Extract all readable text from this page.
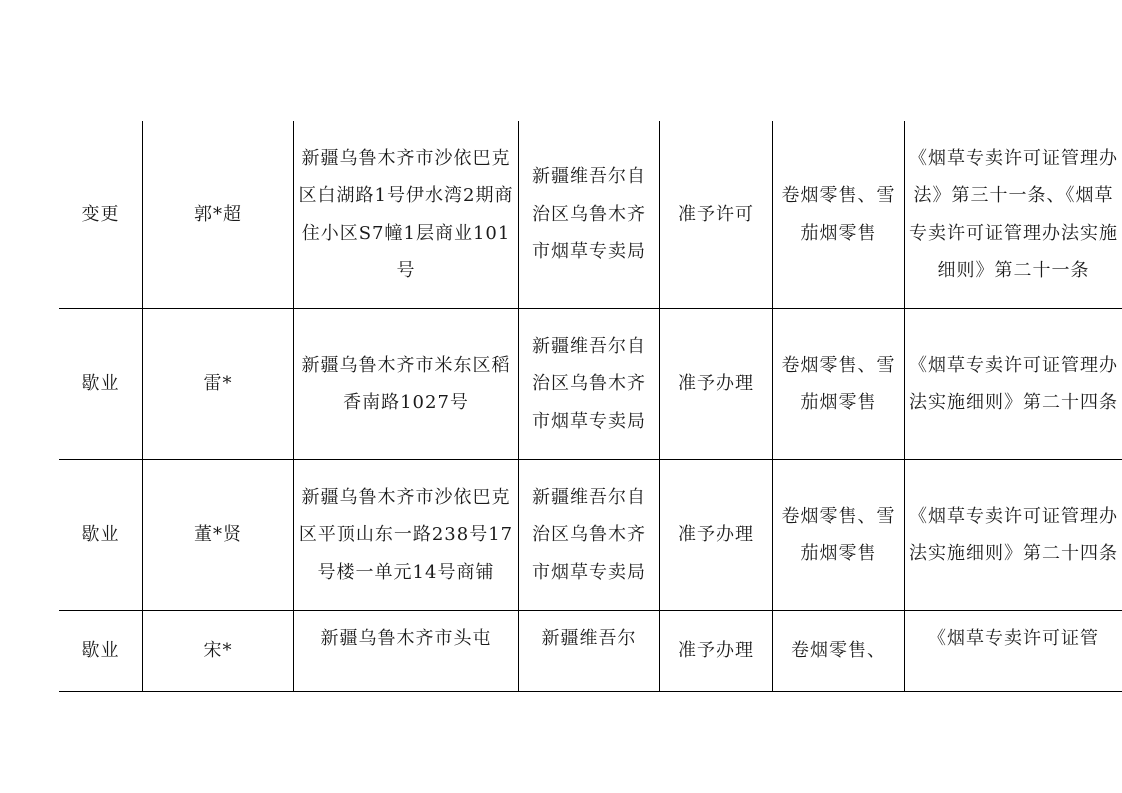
变更	郭*超	新疆乌鲁木齐市沙依巴克区白湖路1号伊水湾2期商住小区S7幢1层商业101号	新疆维吾尔自治区乌鲁木齐市烟草专卖局	准予许可	卷烟零售、雪茄烟零售	《烟草专卖许可证管理办法》第三十一条、《烟草专卖许可证管理办法实施细则》第二十一条

歇业	雷*	新疆乌鲁木齐市米东区稻香南路1027号	新疆维吾尔自治区乌鲁木齐市烟草专卖局	准予办理	卷烟零售、雪茄烟零售	《烟草专卖许可证管理办法实施细则》第二十四条

歇业	董*贤	新疆乌鲁木齐市沙依巴克区平顶山东一路238号17号楼一单元14号商铺	新疆维吾尔自治区乌鲁木齐市烟草专卖局	准予办理	卷烟零售、雪茄烟零售	《烟草专卖许可证管理办法实施细则》第二十四条

歇业	宋*	新疆乌鲁木齐市头屯	新疆维吾尔	准予办理	卷烟零售、	《烟草专卖许可证管
